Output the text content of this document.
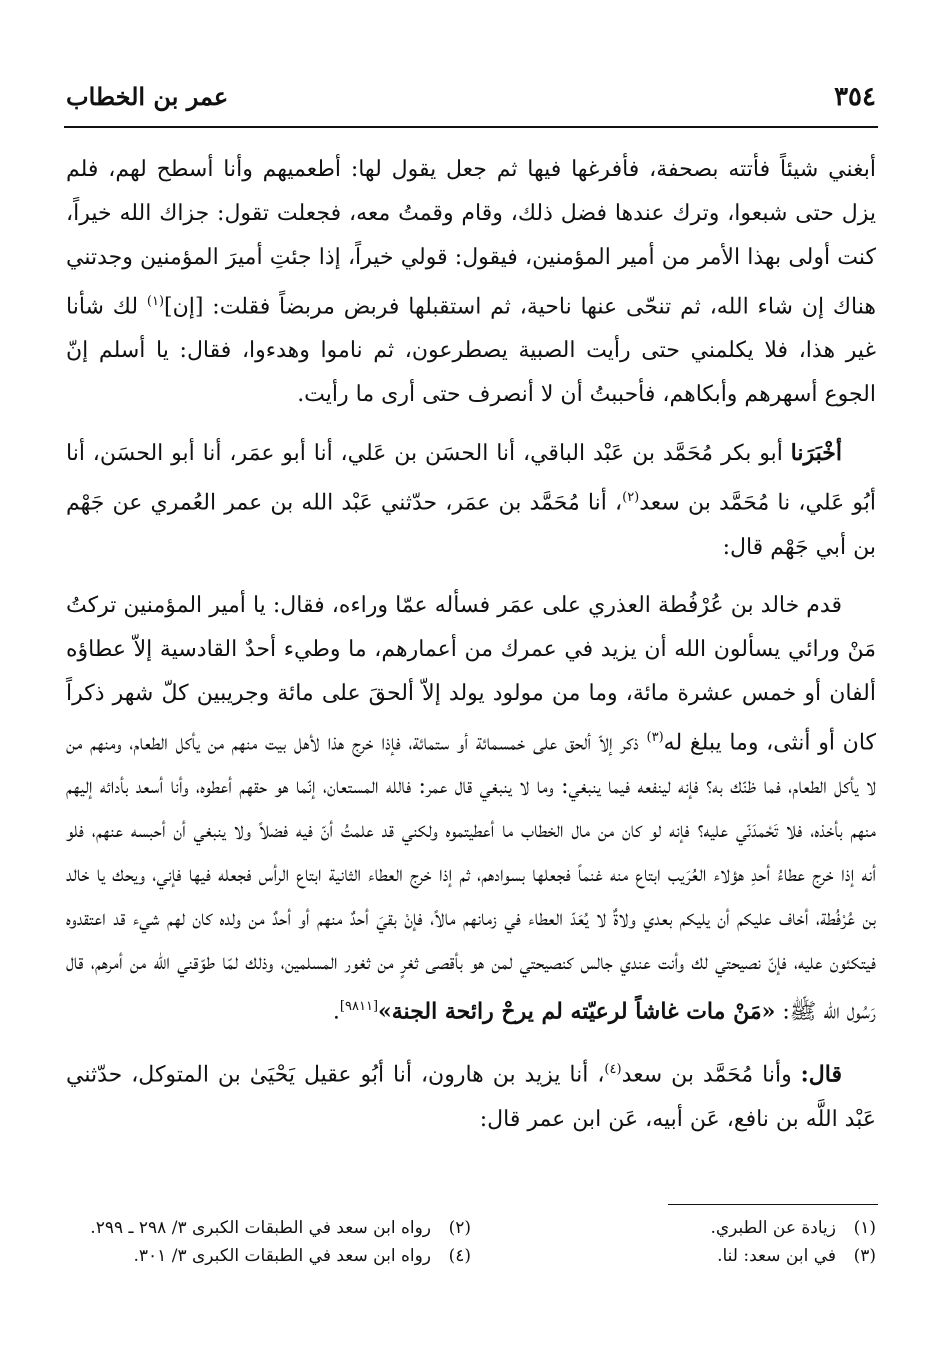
٣٥٤
عمر بن الخطاب

أبغني شيئاً فأتته بصحفة، فأفرغها فيها ثم جعل يقول لها: أطعميهم وأنا أسطح لهم، فلم يزل حتى شبعوا، وترك عندها فضل ذلك، وقام وقمتُ معه، فجعلت تقول: جزاك الله خيراً، كنت أولى بهذا الأمر من أمير المؤمنين، فيقول: قولي خيراً، إذا جئتِ أميرَ المؤمنين وجدتني هناك إن شاء الله، ثم تنحّى عنها ناحية، ثم استقبلها فربض مربضاً فقلت: [إن]$^{(١)}$ لك شأنا غير هذا، فلا يكلمني حتى رأيت الصبية يصطرعون، ثم ناموا وهدءوا، فقال: يا أسلم إنّ الجوع أسهرهم وأبكاهم، فأحببتُ أن لا أنصرف حتى أرى ما رأيت.

أخْبَرَنا أبو بكر مُحَمَّد بن عَبْد الباقي، أنا الحسَن بن عَلي، أنا أبو عمَر، أنا أبو الحسَن، أنا أبُو عَلي، نا مُحَمَّد بن سعد$^{(٢)}$، أنا مُحَمَّد بن عمَر، حدّثني عَبْد الله بن عمر العُمري عن جَهْم بن أبي جَهْم قال:

قدم خالد بن عُرْفُطة العذري على عمَر فسأله عمّا وراءه، فقال: يا أمير المؤمنين تركتُ مَنْ ورائي يسألون الله أن يزيد في عمرك من أعمارهم، ما وطيء أحدٌ القادسية إلاّ عطاؤه ألفان أو خمس عشرة مائة، وما من مولود يولد إلاّ ألحقَ على مائة وجريبين كلّ شهر ذكراً كان أو أنثى، وما يبلغ له$^{(٣)}$ ذكر إلاّ ألحق على خمسمائة أو ستمائة، فإذا خرج هذا لأهل بيت منهم من يأكل الطعام، ومنهم من لا يأكل الطعام، فما ظنّك به؟ فإنه لينفعه فيما ينبغي: وما لا ينبغي قال عمر: فالله المستعان، إنّما هو حقهم أعطوه، وأنا أسعد بأدائه إليهم منهم بأخذه، فلا تَحْمدَنّي عليه؟ فإنه لو كان من مال الخطاب ما أعطيتموه ولكني قد علمتُ أنّ فيه فضلاً ولا ينبغي أن أحبسه عنهم، فلو أنه إذا خرج عطاءُ أحدِ هؤلاء العُرَيب ابتاع منه غنماً فجعلها بسوادهم، ثم إذا خرج العطاء الثانية ابتاع الرأس فجعله فيها فإني، ويحك يا خالد بن عُرْفُطة، أخاف عليكم أن يليكم بعدي ولاةٌ لا يُعَدّ العطاء في زمانهم مالاً، فإنْ بقيَ أحدٌ منهم أو أحدٌ من ولده كان لهم شيء قد اعتقدوه فيتكئون عليه، فإنّ نصيحتي لك وأنت عندي جالس كنصيحتي لمن هو بأقصى ثغرٍ من ثغور المسلمين، وذلك لمّا طوّقني الله من أمرهم، قال رَسُول الله ﷺ: «مَنْ مات غاشاً لرعيّته لم يرحْ رائحة الجنة»[٩٨١١].

قال: وأنا مُحَمَّد بن سعد$^{(٤)}$، أنا يزيد بن هارون، أنا أبُو عقيل يَحْيَىٰ بن المتوكل، حدّثني عَبْد اللَّه بن نافع، عَن أبيه، عَن ابن عمر قال:

(١)زيادة عن الطبري.
(٢)رواه ابن سعد في الطبقات الكبرى ٣/ ٢٩٨ ـ ٢٩٩.
(٣)في ابن سعد: لنا.
(٤)رواه ابن سعد في الطبقات الكبرى ٣/ ٣٠١.
